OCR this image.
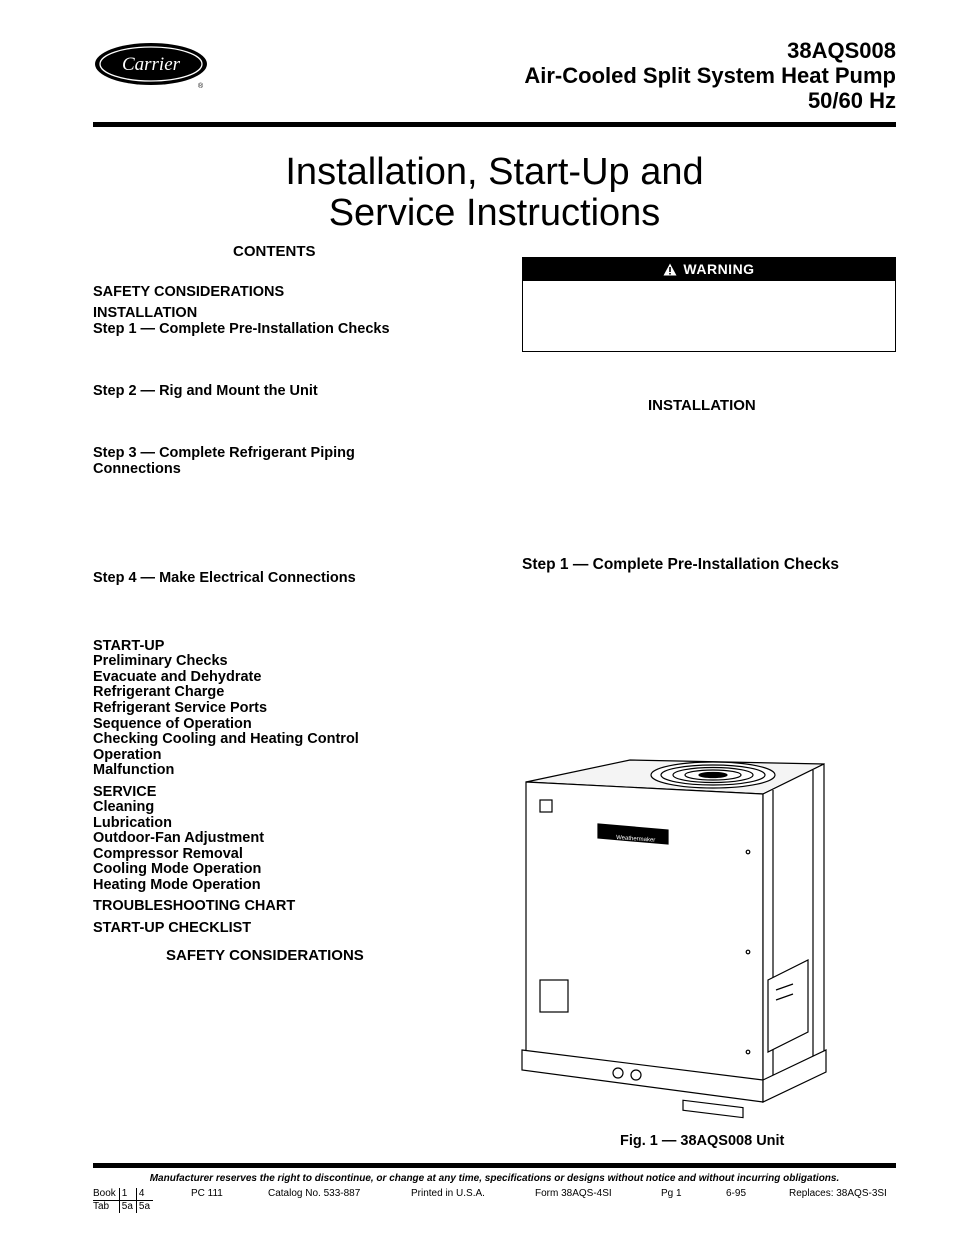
Carrier
®
38AQS008
Air-Cooled Split System Heat Pump
50/60 Hz
Installation, Start-Up and
Service Instructions
CONTENTS

SAFETY CONSIDERATIONS

INSTALLATION

Step 1 — Complete Pre-Installation Checks

Step 2 — Rig and Mount the Unit

Step 3 — Complete Refrigerant Piping

Connections

Step 4 — Make Electrical Connections

START-UP

Preliminary Checks

Evacuate and Dehydrate

Refrigerant Charge

Refrigerant Service Ports

Sequence of Operation

Checking Cooling and Heating Control

Operation

Malfunction

SERVICE

Cleaning

Lubrication

Outdoor-Fan Adjustment

Compressor Removal

Cooling Mode Operation

Heating Mode Operation

TROUBLESHOOTING CHART

START-UP CHECKLIST

SAFETY CONSIDERATIONS
WARNING
INSTALLATION
Step 1 — Complete Pre-Installation Checks
Weathermaker
Fig. 1 — 38AQS008 Unit
Manufacturer reserves the right to discontinue, or change at any time, specifications or designs without notice and without incurring obligations.
Book	1	4
Tab	5a	5a
PC 111	Catalog No. 533-887	Printed in U.S.A.	Form 38AQS-4SI	Pg 1	6-95	Replaces: 38AQS-3SI
